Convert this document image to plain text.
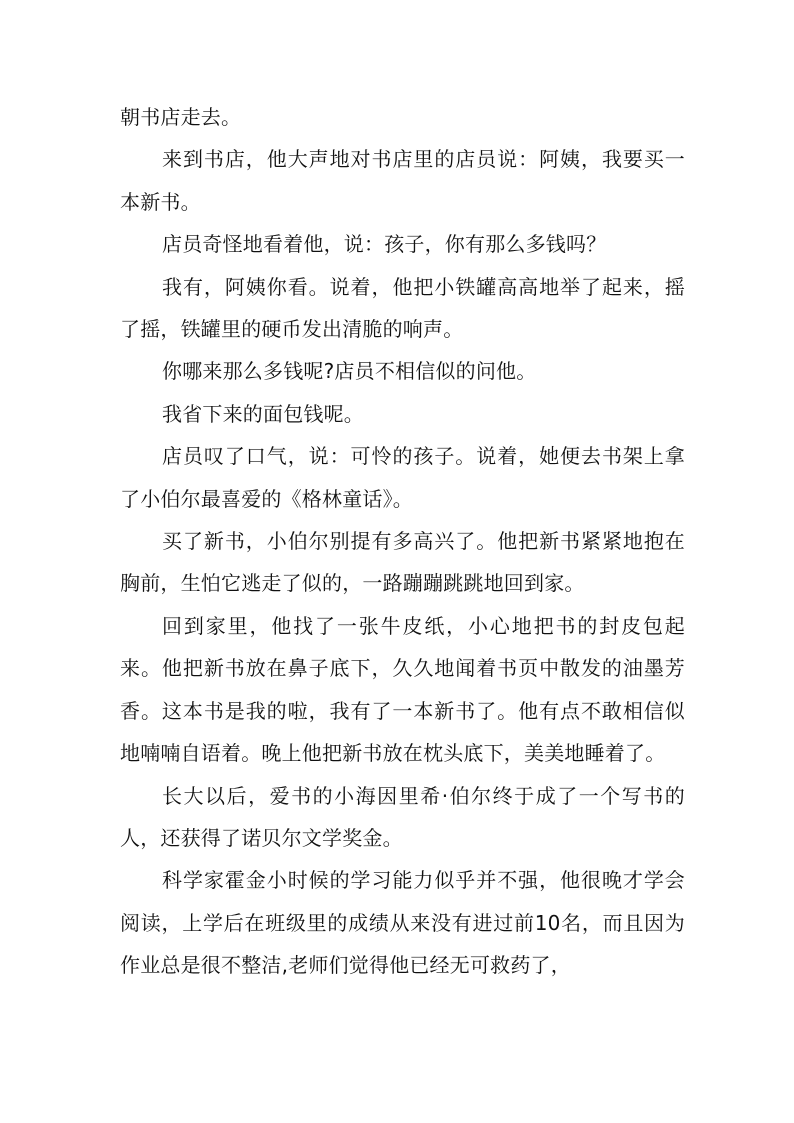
朝书店走去。

来到书店，他大声地对书店里的店员说：阿姨，我要买一本新书。

店员奇怪地看着他，说：孩子，你有那么多钱吗？

我有，阿姨你看。说着，他把小铁罐高高地举了起来，摇了摇，铁罐里的硬币发出清脆的响声。

你哪来那么多钱呢?店员不相信似的问他。

我省下来的面包钱呢。

店员叹了口气，说：可怜的孩子。说着，她便去书架上拿了小伯尔最喜爱的《格林童话》。

买了新书，小伯尔别提有多高兴了。他把新书紧紧地抱在胸前，生怕它逃走了似的，一路蹦蹦跳跳地回到家。

回到家里，他找了一张牛皮纸，小心地把书的封皮包起来。他把新书放在鼻子底下，久久地闻着书页中散发的油墨芳香。这本书是我的啦，我有了一本新书了。他有点不敢相信似地喃喃自语着。晚上他把新书放在枕头底下，美美地睡着了。

长大以后，爱书的小海因里希·伯尔终于成了一个写书的人，还获得了诺贝尔文学奖金。

科学家霍金小时候的学习能力似乎并不强，他很晚才学会阅读，上学后在班级里的成绩从来没有进过前10名，而且因为作业总是很不整洁,老师们觉得他已经无可救药了，
